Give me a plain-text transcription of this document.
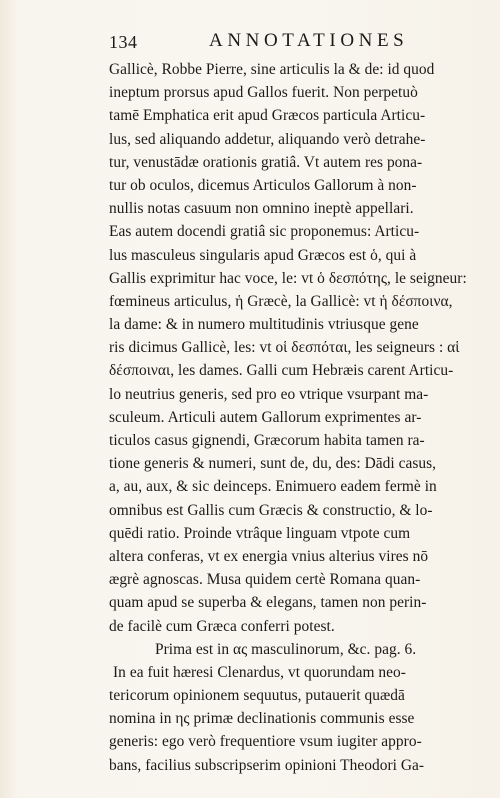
134	ANNOTATIONES
Gallicè, Robbe Pierre, sine articulis la & de: id quod
ineptum prorsus apud Gallos fuerit. Non perpetuò
tamē Emphatica erit apud Græcos particula Articu-
lus, sed aliquando addetur, aliquando verò detrahe-
tur, venustādæ orationis gratiâ. Vt autem res pona-
tur ob oculos, dicemus Articulos Gallorum à non-
nullis notas casuum non omnino ineptè appellari.
Eas autem docendi gratiâ sic proponemus: Articu-
lus masculeus singularis apud Græcos est ὁ, qui à
Gallis exprimitur hac voce, le: vt ὁ δεσπότης, le seigneur:
fœmineus articulus, ἡ Græcè, la Gallicè: vt ἡ δέσποινα,
la dame: & in numero multitudinis vtriusque gene
ris dicimus Gallicè, les: vt οἱ δεσπόται, les seigneurs : αἱ
δέσποιναι, les dames. Galli cum Hebræis carent Articu-
lo neutrius generis, sed pro eo vtrique vsurpant ma-
sculeum. Articuli autem Gallorum exprimentes ar-
ticulos casus gignendi, Græcorum habita tamen ra-
tione generis & numeri, sunt de, du, des: Dādi casus,
a, au, aux, & sic deinceps. Enimuero eadem fermè in
omnibus est Gallis cum Græcis & constructio, & lo-
quēdi ratio. Proinde vtrâque linguam vtpote cum
altera conferas, vt ex energia vnius alterius vires nō
ægrè agnoscas. Musa quidem certè Romana quan-
quam apud se superba & elegans, tamen non perin-
de facilè cum Græca conferri potest.
Prima est in ας masculinorum, &c. pag. 6.
In ea fuit hæresi Clenardus, vt quorundam neo-
tericorum opinionem sequutus, putauerit quædā
nomina in ης primæ declinationis communis esse
generis: ego verò frequentiore vsum iugiter appro-
bans, facilius subscripserim opinioni Theodori Ga-
